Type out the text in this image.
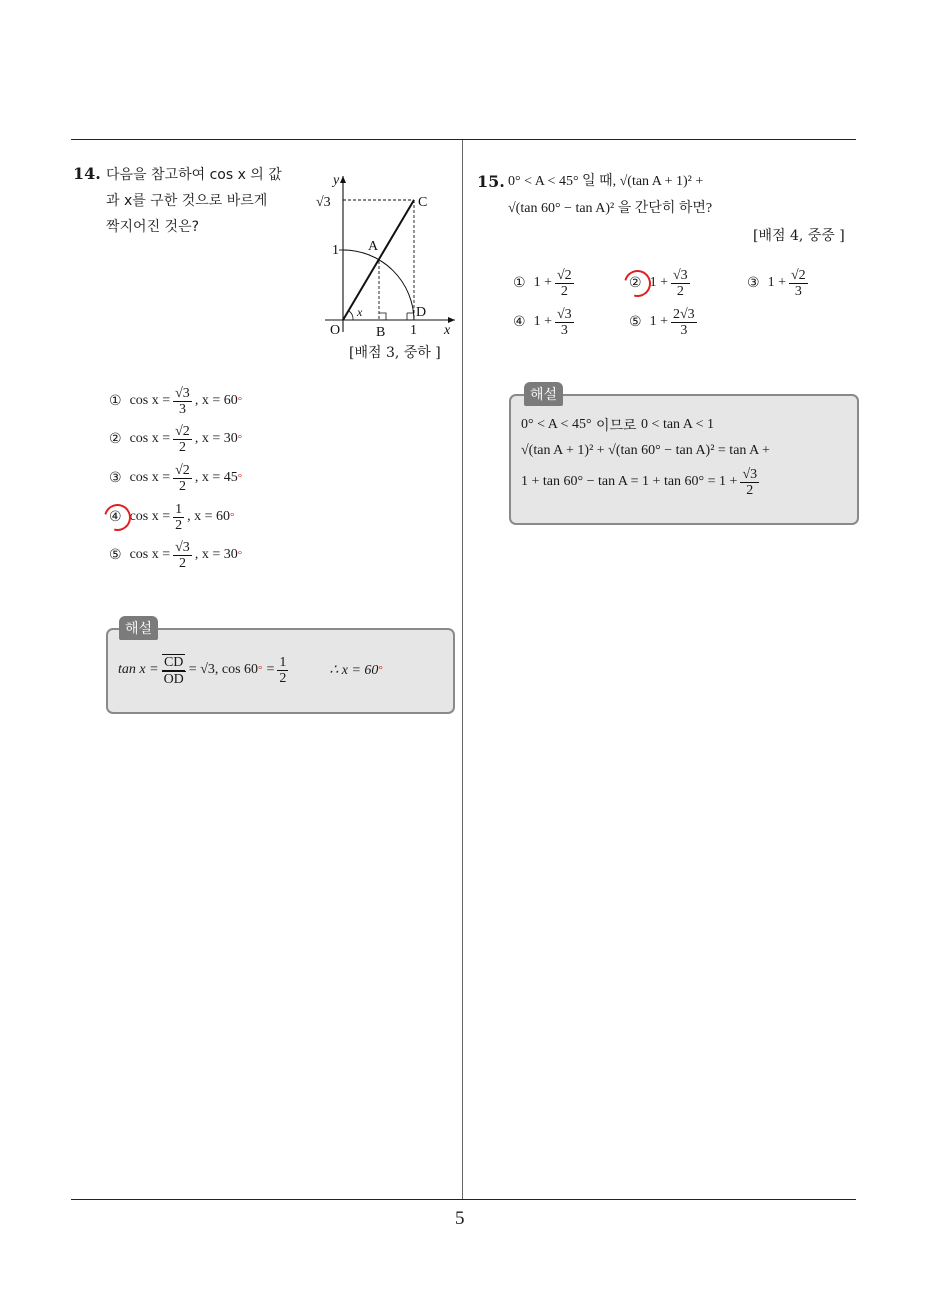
5
14. 다음을 참고하여 cos x 의 값
과 x를 구한 것으로 바르게
짝지어진 것은?
y
x
√3
1
C
A
D
O	B 1
x
[배점 3, 중하 ]
① $\cos x = \frac{√3}{3}$ , x = 60 °
② $\cos x = \frac{√2}{2}$ , x = 30 °
③ $\cos x = \frac{√2}{2}$ , x = 45 °
④ $\cos x = \frac{1}{2}$ , x = 60 °
⑤ $\cos x = \frac{√3}{2}$ , x = 30 °
해설
$\tan x = \frac{CD}{OD} = √3$, cos 60 ° = $\frac{1}{2}$	∴ x = 60 °
15. 0° < A < 45° 일 때, √(tan A + 1)² +
√(tan 60° − tan A)² 을 간단히 하면?
[배점 4, 중중 ]
① $1 + \frac{√2}{2}$	② $1 + \frac{√3}{2}$	③ $1 + \frac{√2}{3}$
④ $1 + \frac{√3}{3}$	⑤ $1 + \frac{2√3}{3}$
해설
0° < A < 45° 이므로 0 < tan A < 1
√(tan A + 1)² + √(tan 60° − tan A)² = tan A +
$1 + \tan 60^\circ - \tan A = 1 + \tan 60^\circ = 1 + \frac{√3}{2}$
